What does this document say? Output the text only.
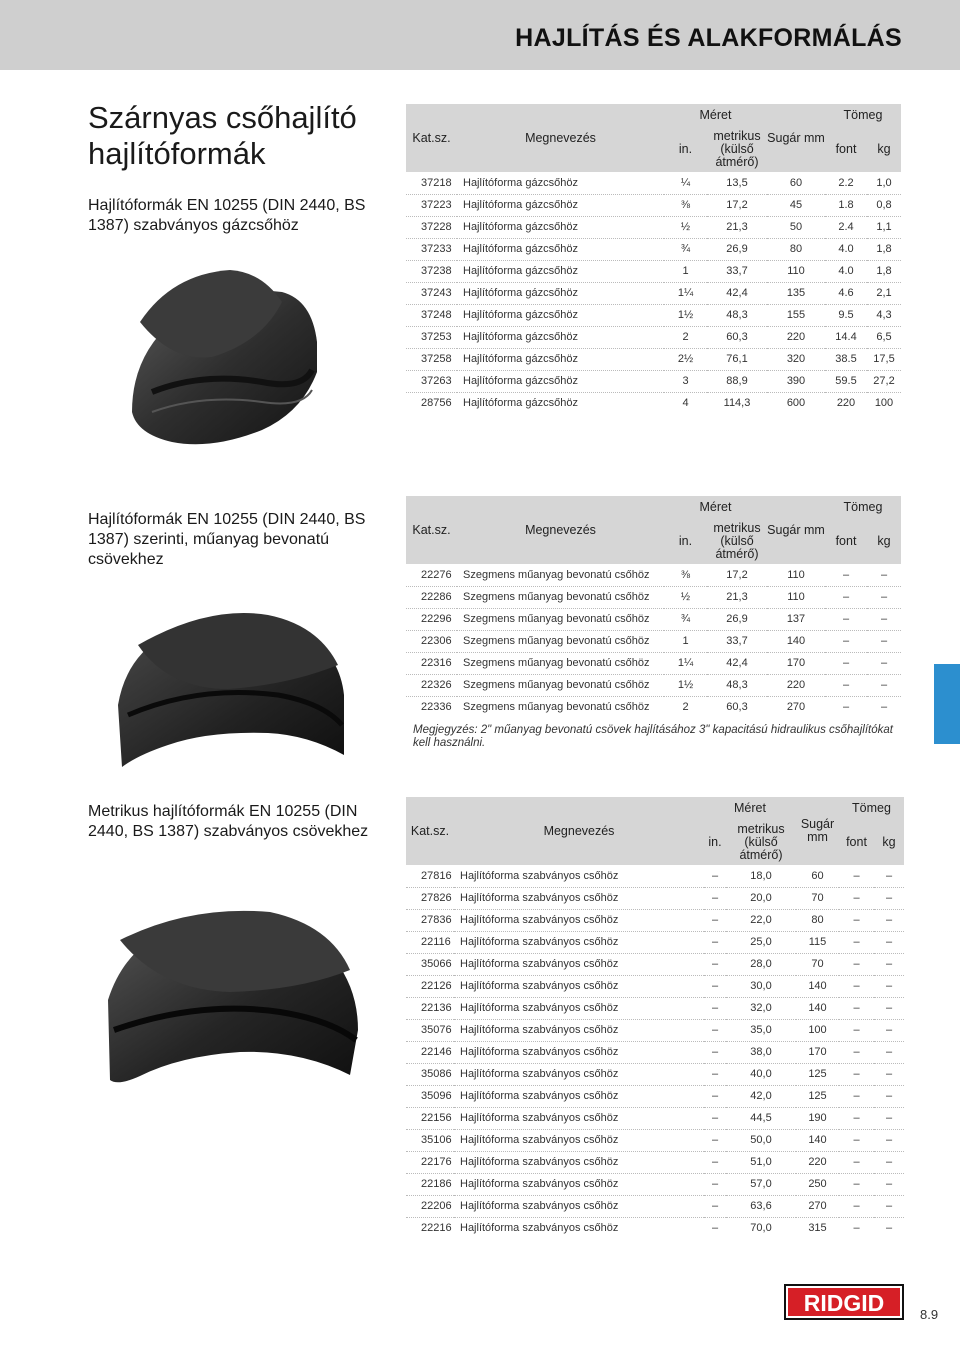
HAJLÍTÁS ÉS ALAKFORMÁLÁS
Szárnyas csőhajlító hajlítóformák
Hajlítóformák EN 10255 (DIN 2440, BS 1387) szabványos gázcsőhöz
Kat.sz.	Megnevezés	Méret		Sugár mm	Tömeg	
		in.	metrikus (külső átmérő)		font	kg
37218	Hajlítóforma gázcsőhöz	¼	13,5	60	2.2	1,0
37223	Hajlítóforma gázcsőhöz	⅜	17,2	45	1.8	0,8
37228	Hajlítóforma gázcsőhöz	½	21,3	50	2.4	1,1
37233	Hajlítóforma gázcsőhöz	¾	26,9	80	4.0	1,8
37238	Hajlítóforma gázcsőhöz	1	33,7	110	4.0	1,8
37243	Hajlítóforma gázcsőhöz	1¼	42,4	135	4.6	2,1
37248	Hajlítóforma gázcsőhöz	1½	48,3	155	9.5	4,3
37253	Hajlítóforma gázcsőhöz	2	60,3	220	14.4	6,5
37258	Hajlítóforma gázcsőhöz	2½	76,1	320	38.5	17,5
37263	Hajlítóforma gázcsőhöz	3	88,9	390	59.5	27,2
28756	Hajlítóforma gázcsőhöz	4	114,3	600	220	100
Hajlítóformák EN 10255 (DIN 2440, BS 1387) szerinti, műanyag bevonatú csövekhez
Kat.sz.	Megnevezés	Méret		Sugár mm	Tömeg	
		in.	metrikus (külső átmérő)		font	kg
22276	Szegmens műanyag bevonatú csőhöz	⅜	17,2	110	–	–
22286	Szegmens műanyag bevonatú csőhöz	½	21,3	110	–	–
22296	Szegmens műanyag bevonatú csőhöz	¾	26,9	137	–	–
22306	Szegmens műanyag bevonatú csőhöz	1	33,7	140	–	–
22316	Szegmens műanyag bevonatú csőhöz	1¼	42,4	170	–	–
22326	Szegmens műanyag bevonatú csőhöz	1½	48,3	220	–	–
22336	Szegmens műanyag bevonatú csőhöz	2	60,3	270	–	–
Megjegyzés: 2" műanyag bevonatú csövek hajlításához 3" kapacitású hidraulikus csőhajlítókat kell használni.
Metrikus hajlítóformák EN 10255 (DIN 2440, BS 1387) szabványos csövekhez	Kat.sz.	Megnevezés	Méret		Sugár mm	Tömeg	
		in.	metrikus (külső átmérő)		font	kg
27816	Hajlítóforma szabványos csőhöz	–	18,0	60	–	–
27826	Hajlítóforma szabványos csőhöz	–	20,0	70	–	–
27836	Hajlítóforma szabványos csőhöz	–	22,0	80	–	–
22116	Hajlítóforma szabványos csőhöz	–	25,0	115	–	–
35066	Hajlítóforma szabványos csőhöz	–	28,0	70	–	–
22126	Hajlítóforma szabványos csőhöz	–	30,0	140	–	–
22136	Hajlítóforma szabványos csőhöz	–	32,0	140	–	–
35076	Hajlítóforma szabványos csőhöz	–	35,0	100	–	–
22146	Hajlítóforma szabványos csőhöz	–	38,0	170	–	–
35086	Hajlítóforma szabványos csőhöz	–	40,0	125	–	–
35096	Hajlítóforma szabványos csőhöz	–	42,0	125	–	–
22156	Hajlítóforma szabványos csőhöz	–	44,5	190	–	–
35106	Hajlítóforma szabványos csőhöz	–	50,0	140	–	–
22176	Hajlítóforma szabványos csőhöz	–	51,0	220	–	–
22186	Hajlítóforma szabványos csőhöz	–	57,0	250	–	–
22206	Hajlítóforma szabványos csőhöz	–	63,6	270	–	–
22216	Hajlítóforma szabványos csőhöz	–	70,0	315	–	–
RIDGID	8.9
